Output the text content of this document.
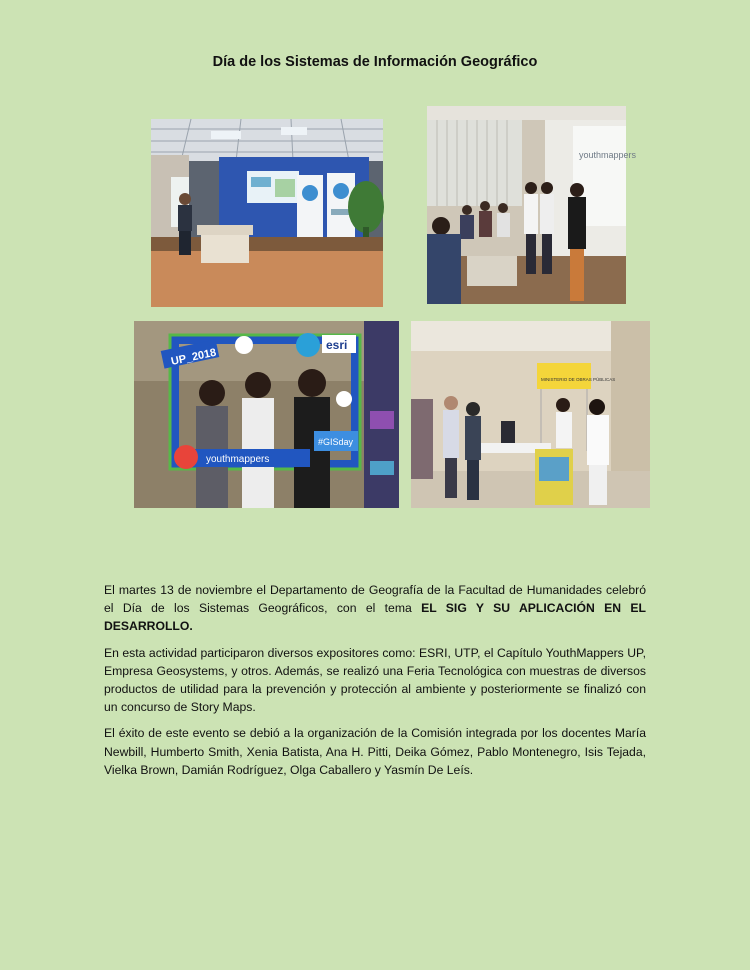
Día de los Sistemas de Información Geográfico
youthmappers
UP_2018
esri
youthmappers
#GISday
MINISTERIO DE OBRAS PÚBLICAS

El martes 13 de noviembre el Departamento de Geografía de la Facultad de Humanidades celebró el Día de los Sistemas Geográficos, con el tema EL SIG Y SU APLICACIÓN EN EL DESARROLLO.

En esta actividad participaron diversos expositores como: ESRI, UTP, el Capítulo YouthMappers UP, Empresa Geosystems, y otros. Además, se realizó una Feria Tecnológica con muestras de diversos productos de utilidad para la prevención y protección al ambiente y posteriormente se finalizó con un concurso de Story Maps.

El éxito de este evento se debió a la organización de la Comisión integrada por los docentes María Newbill, Humberto Smith, Xenia Batista, Ana H. Pitti, Deika Gómez, Pablo Montenegro, Isis Tejada, Vielka Brown, Damián Rodríguez, Olga Caballero y Yasmín De Leís.
